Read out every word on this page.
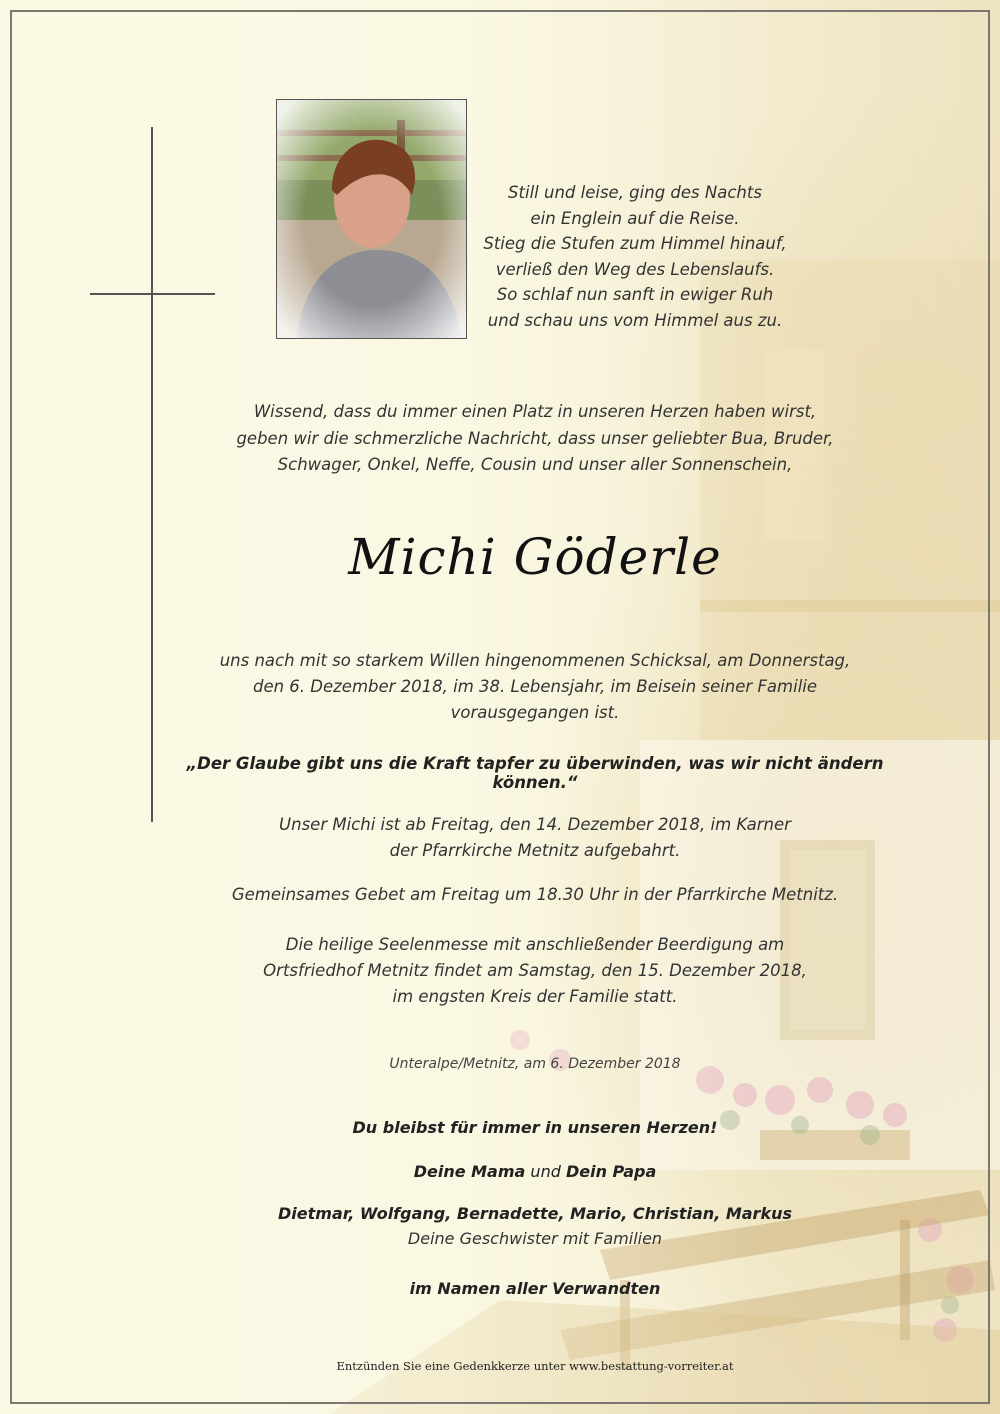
Still und leise, ging des Nachts

ein Englein auf die Reise.

Stieg die Stufen zum Himmel hinauf,

verließ den Weg des Lebenslaufs.

So schlaf nun sanft in ewiger Ruh

und schau uns vom Himmel aus zu.

Wissend, dass du immer einen Platz in unseren Herzen haben wirst,

geben wir die schmerzliche Nachricht, dass unser geliebter Bua, Bruder,

Schwager, Onkel, Neffe, Cousin und unser aller Sonnenschein,

Michi Göderle

uns nach mit so starkem Willen hingenommenen Schicksal, am Donnerstag,

den 6. Dezember 2018, im 38. Lebensjahr, im Beisein seiner Familie

vorausgegangen ist.

„Der Glaube gibt uns die Kraft tapfer zu überwinden, was wir nicht ändern können.“

Unser Michi ist ab Freitag, den 14. Dezember 2018, im Karner

der Pfarrkirche Metnitz aufgebahrt.

Gemeinsames Gebet am Freitag um 18.30 Uhr in der Pfarrkirche Metnitz.

Die heilige Seelenmesse mit anschließender Beerdigung am

Ortsfriedhof Metnitz findet am Samstag, den 15. Dezember 2018,

im engsten Kreis der Familie statt.

Unteralpe/Metnitz, am 6. Dezember 2018
Du bleibst für immer in unseren Herzen!
Deine Mama und Dein Papa
Dietmar, Wolfgang, Bernadette, Mario, Christian, Markus
Deine Geschwister mit Familien
im Namen aller Verwandten
Entzünden Sie eine Gedenkkerze unter www.bestattung-vorreiter.at
